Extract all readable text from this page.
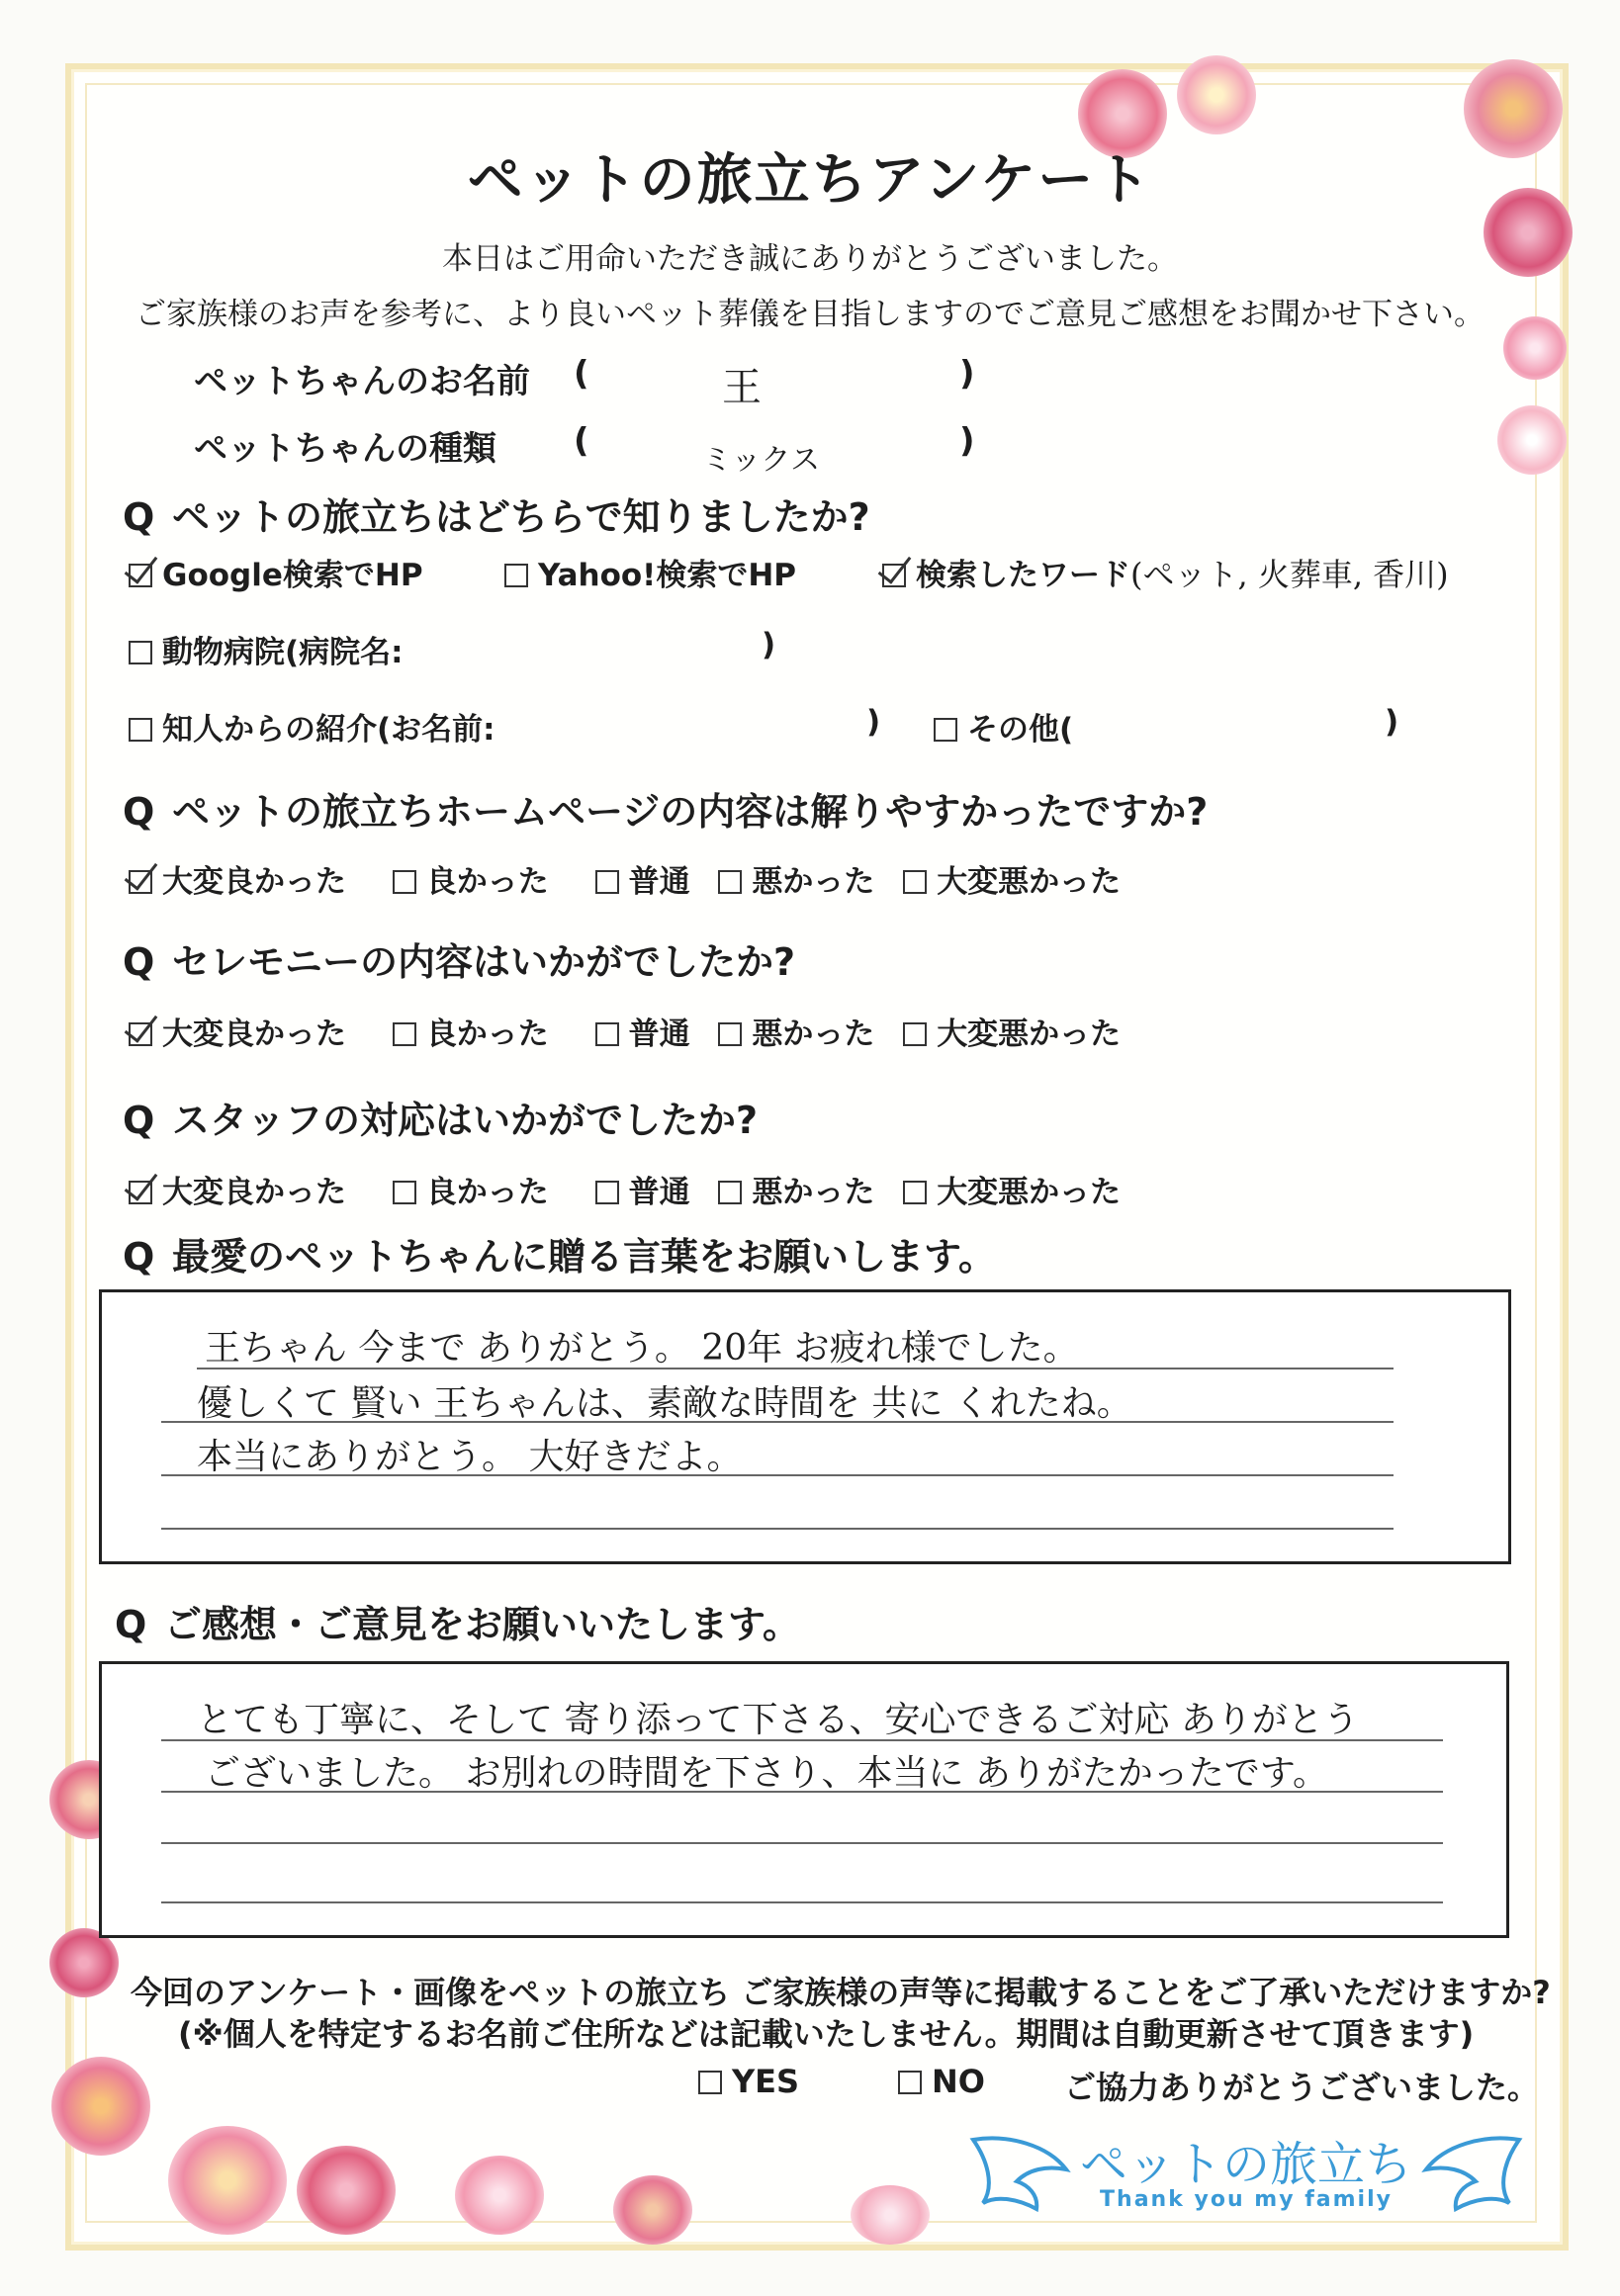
ペットの旅立ちアンケート
本日はご用命いただき誠にありがとうございました。
ご家族様のお声を参考に、より良いペット葬儀を目指しますのでご意見ご感想をお聞かせ下さい。
ペットちゃんのお名前 (	王	)
ペットちゃんの種類 (	ミックス	)
Q ペットの旅立ちはどちらで知りましたか?
Google検索でHP	Yahoo!検索でHP	検索したワード(ペット, 火葬車, 香川)
動物病院(病院名:	)
知人からの紹介(お名前:	)	その他(	)
Q ペットの旅立ちホームページの内容は解りやすかったですか?
大変良かった	良かった	普通 悪かった 大変悪かった
Q セレモニーの内容はいかがでしたか?
大変良かった	良かった	普通 悪かった 大変悪かった
Q スタッフの対応はいかがでしたか?
大変良かった	良かった	普通 悪かった 大変悪かった
Q 最愛のペットちゃんに贈る言葉をお願いします。
王ちゃん 今まで ありがとう。 20年 お疲れ様でした。
優しくて 賢い 王ちゃんは、素敵な時間を 共に くれたね。
本当にありがとう。 大好きだよ。
Q ご感想・ご意見をお願いいたします。
とても丁寧に、そして 寄り添って下さる、安心できるご対応 ありがとう
ございました。 お別れの時間を下さり、本当に ありがたかったです。
今回のアンケート・画像をペットの旅立ち ご家族様の声等に掲載することをご了承いただけますか?
(※個人を特定するお名前ご住所などは記載いたしません。期間は自動更新させて頂きます)
YES	NO	ご協力ありがとうございました。
ペットの旅立ち
Thank you my family
